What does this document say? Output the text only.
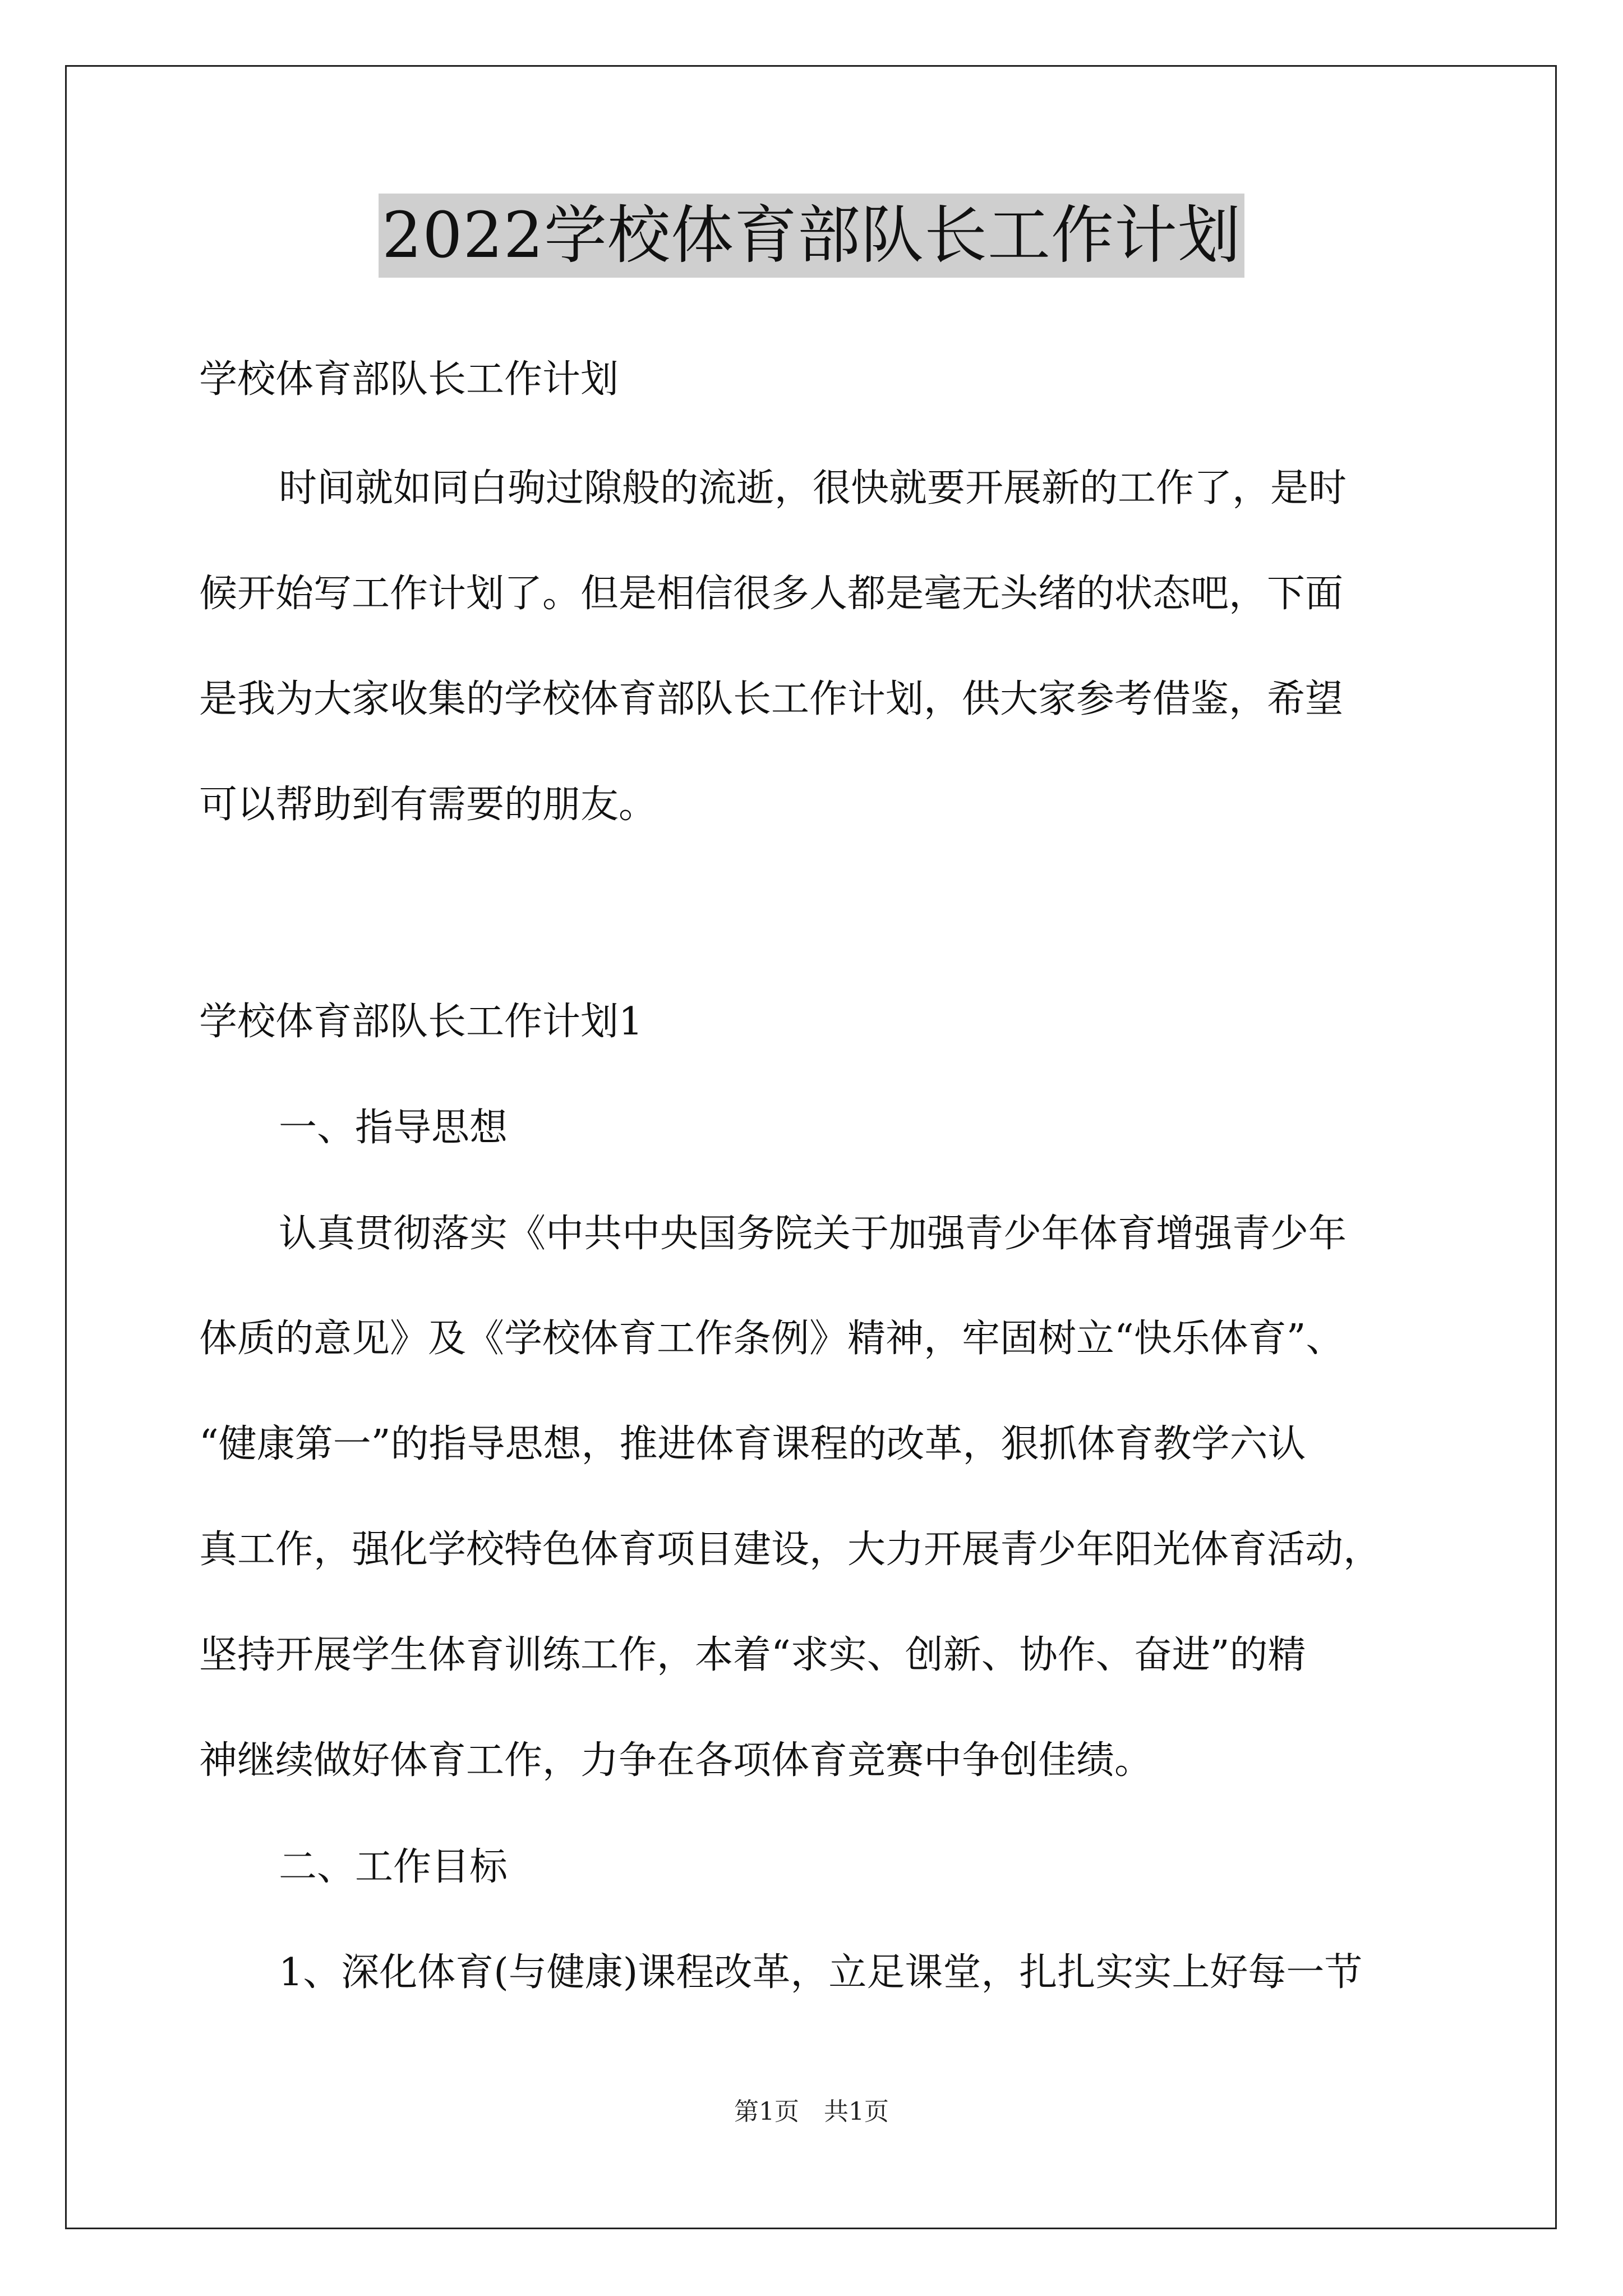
2022学校体育部队长工作计划
学校体育部队长工作计划
时间就如同白驹过隙般的流逝，很快就要开展新的工作了，是时
候开始写工作计划了。但是相信很多人都是毫无头绪的状态吧，下面
是我为大家收集的学校体育部队长工作计划，供大家参考借鉴，希望
可以帮助到有需要的朋友。
学校体育部队长工作计划1
一、指导思想
认真贯彻落实《中共中央国务院关于加强青少年体育增强青少年
体质的意见》及《学校体育工作条例》精神，牢固树立“快乐体育”、
“健康第一”的指导思想，推进体育课程的改革，狠抓体育教学六认
真工作，强化学校特色体育项目建设，大力开展青少年阳光体育活动，
坚持开展学生体育训练工作，本着“求实、创新、协作、奋进”的精
神继续做好体育工作，力争在各项体育竞赛中争创佳绩。
二、工作目标
1、深化体育(与健康)课程改革，立足课堂，扎扎实实上好每一节
第1页　共1页
